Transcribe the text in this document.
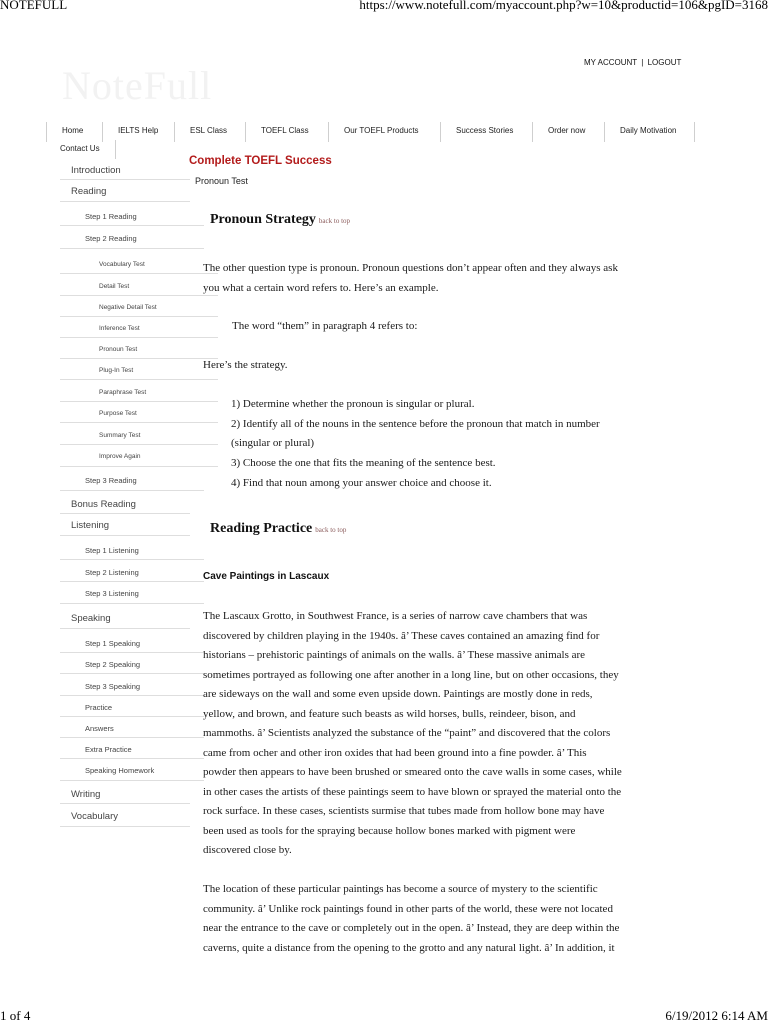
NOTEFULL	https://www.notefull.com/myaccount.php?w=10&productid=106&pgID=3168
1 of 4	6/19/2012 6:14 AM
NoteFull
MY ACCOUNT | LOGOUT
Home	IELTS Help	ESL Class	TOEFL Class	Our TOEFL Products	Success Stories	Order now	Daily Motivation
Contact Us
Introduction
Reading
Step 1 Reading
Step 2 Reading
Vocabulary Test
Detail Test
Negative Detail Test
Inference Test
Pronoun Test
Plug-In Test
Paraphrase Test
Purpose Test
Summary Test
Improve Again
Step 3 Reading
Bonus Reading
Listening
Step 1 Listening
Step 2 Listening
Step 3 Listening
Speaking
Step 1 Speaking
Step 2 Speaking
Step 3 Speaking
Practice
Answers
Extra Practice
Speaking Homework
Writing
Vocabulary
Complete TOEFL Success
Pronoun Test
Pronoun Strategy back to top
The other question type is pronoun. Pronoun questions don’t appear often and they always ask
you what a certain word refers to. Here’s an example.
The word “them” in paragraph 4 refers to:
Here’s the strategy.
1) Determine whether the pronoun is singular or plural.
2) Identify all of the nouns in the sentence before the pronoun that match in number
(singular or plural)
3) Choose the one that fits the meaning of the sentence best.
4) Find that noun among your answer choice and choose it.
Reading Practice back to top
Cave Paintings in Lascaux
The Lascaux Grotto, in Southwest France, is a series of narrow cave chambers that was
discovered by children playing in the 1940s. â’ These caves contained an amazing find for
historians – prehistoric paintings of animals on the walls. â’ These massive animals are
sometimes portrayed as following one after another in a long line, but on other occasions, they
are sideways on the wall and some even upside down. Paintings are mostly done in reds,
yellow, and brown, and feature such beasts as wild horses, bulls, reindeer, bison, and
mammoths. â’ Scientists analyzed the substance of the “paint” and discovered that the colors
came from ocher and other iron oxides that had been ground into a fine powder. â’ This
powder then appears to have been brushed or smeared onto the cave walls in some cases, while
in other cases the artists of these paintings seem to have blown or sprayed the material onto the
rock surface. In these cases, scientists surmise that tubes made from hollow bone may have
been used as tools for the spraying because hollow bones marked with pigment were
discovered close by.
The location of these particular paintings has become a source of mystery to the scientific
community. â’ Unlike rock paintings found in other parts of the world, these were not located
near the entrance to the cave or completely out in the open. â’ Instead, they are deep within the
caverns, quite a distance from the opening to the grotto and any natural light. â’ In addition, it
